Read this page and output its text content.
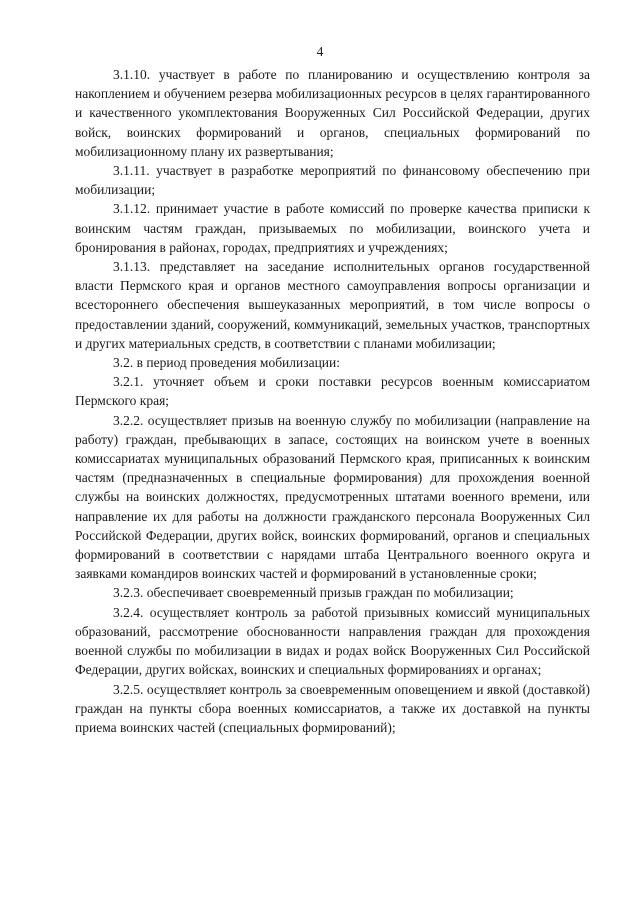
4

3.1.10. участвует в работе по планированию и осуществлению контроля за накоплением и обучением резерва мобилизационных ресурсов в целях гарантированного и качественного укомплектования Вооруженных Сил Российской Федерации, других войск, воинских формирований и органов, специальных формирований по мобилизационному плану их развертывания;

3.1.11. участвует в разработке мероприятий по финансовому обеспечению при мобилизации;

3.1.12. принимает участие в работе комиссий по проверке качества приписки к воинским частям граждан, призываемых по мобилизации, воинского учета и бронирования в районах, городах, предприятиях и учреждениях;

3.1.13. представляет на заседание исполнительных органов государственной власти Пермского края и органов местного самоуправления вопросы организации и всестороннего обеспечения вышеуказанных мероприятий, в том числе вопросы о предоставлении зданий, сооружений, коммуникаций, земельных участков, транспортных и других материальных средств, в соответствии с планами мобилизации;

3.2. в период проведения мобилизации:

3.2.1. уточняет объем и сроки поставки ресурсов военным комиссариатом Пермского края;

3.2.2. осуществляет призыв на военную службу по мобилизации (направление на работу) граждан, пребывающих в запасе, состоящих на воинском учете в военных комиссариатах муниципальных образований Пермского края, приписанных к воинским частям (предназначенных в специальные формирования) для прохождения военной службы на воинских должностях, предусмотренных штатами военного времени, или направление их для работы на должности гражданского персонала Вооруженных Сил Российской Федерации, других войск, воинских формирований, органов и специальных формирований в соответствии с нарядами штаба Центрального военного округа и заявками командиров воинских частей и формирований в установленные сроки;

3.2.3. обеспечивает своевременный призыв граждан по мобилизации;

3.2.4. осуществляет контроль за работой призывных комиссий муниципальных образований, рассмотрение обоснованности направления граждан для прохождения военной службы по мобилизации в видах и родах войск Вооруженных Сил Российской Федерации, других войсках, воинских и специальных формированиях и органах;

3.2.5. осуществляет контроль за своевременным оповещением и явкой (доставкой) граждан на пункты сбора военных комиссариатов, а также их доставкой на пункты приема воинских частей (специальных формирований);
